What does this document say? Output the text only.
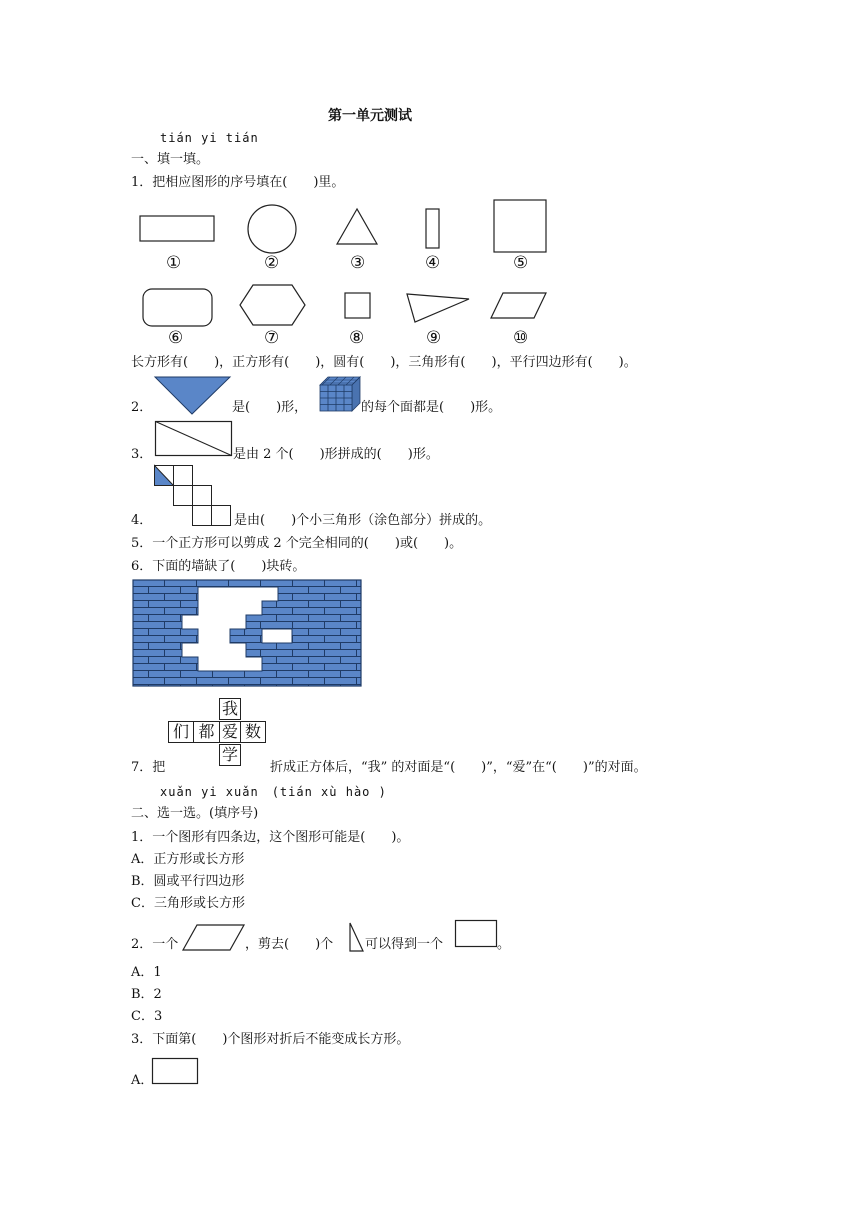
第一单元测试
tián yi tián
一、填一填。
1．把相应图形的序号填在(　　)里。
①	②	③	④	⑤
⑥	⑦	⑧	⑨	⑩
长方形有(　　)，正方形有(　　)，圆有(　　)，三角形有(　　)，平行四边形有(　　)。
2．	是(　　)形，	的每个面都是(　　)形。
3．	是由 2 个(　　)形拼成的(　　)形。
4．	是由(　　)个小三角形（涂色部分）拼成的。
5．一个正方形可以剪成 2 个完全相同的(　　)或(　　)。
6．下面的墙缺了(　　)块砖。
我
们 都 爱 数
学
7．把	折成正方体后，“我” 的对面是“(　　)”，“爱”在“(　　)”的对面。
xuǎn yi xuǎn　(tián xù hào )
二、选一选。(填序号)
1．一个图形有四条边，这个图形可能是(　　)。
A．正方形或长方形
B．圆或平行四边形
C．三角形或长方形
2．一个	，剪去(　　)个 可以得到一个	。
A．1
B．2
C．3
3．下面第(　　)个图形对折后不能变成长方形。
A．
